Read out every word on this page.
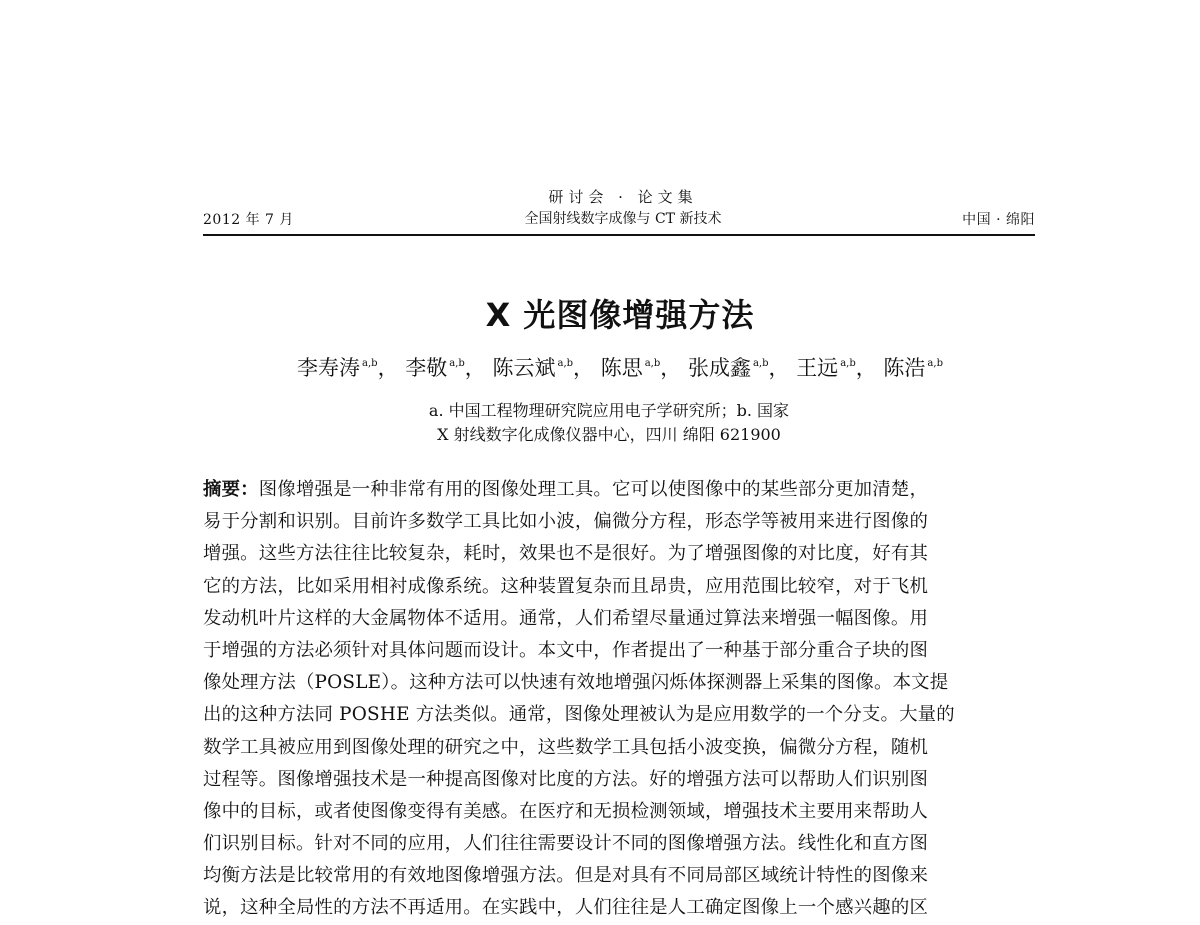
2012 年 7 月
研讨会 · 论文集
全国射线数字成像与 CT 新技术	中国 · 绵阳
X 光图像增强方法
李寿涛 $^{a,b}$， 李敬 $^{a,b}$， 陈云斌 $^{a,b}$， 陈思 $^{a,b}$， 张成鑫 $^{a,b}$， 王远 $^{a,b}$， 陈浩 $^{a,b}$
a. 中国工程物理研究院应用电子学研究所；b. 国家
X 射线数字化成像仪器中心，四川 绵阳 621900
摘要：图像增强是一种非常有用的图像处理工具。它可以使图像中的某些部分更加清楚，
易于分割和识别。目前许多数学工具比如小波，偏微分方程，形态学等被用来进行图像的
增强。这些方法往往比较复杂，耗时，效果也不是很好。为了增强图像的对比度，好有其
它的方法，比如采用相衬成像系统。这种装置复杂而且昂贵，应用范围比较窄，对于飞机
发动机叶片这样的大金属物体不适用。通常，人们希望尽量通过算法来增强一幅图像。用
于增强的方法必须针对具体问题而设计。本文中，作者提出了一种基于部分重合子块的图
像处理方法（POSLE）。这种方法可以快速有效地增强闪烁体探测器上采集的图像。本文提
出的这种方法同 POSHE 方法类似。通常，图像处理被认为是应用数学的一个分支。大量的
数学工具被应用到图像处理的研究之中，这些数学工具包括小波变换，偏微分方程，随机
过程等。图像增强技术是一种提高图像对比度的方法。好的增强方法可以帮助人们识别图
像中的目标，或者使图像变得有美感。在医疗和无损检测领域，增强技术主要用来帮助人
们识别目标。针对不同的应用，人们往往需要设计不同的图像增强方法。线性化和直方图
均衡方法是比较常用的有效地图像增强方法。但是对具有不同局部区域统计特性的图像来
说，这种全局性的方法不再适用。在实践中，人们往往是人工确定图像上一个感兴趣的区
